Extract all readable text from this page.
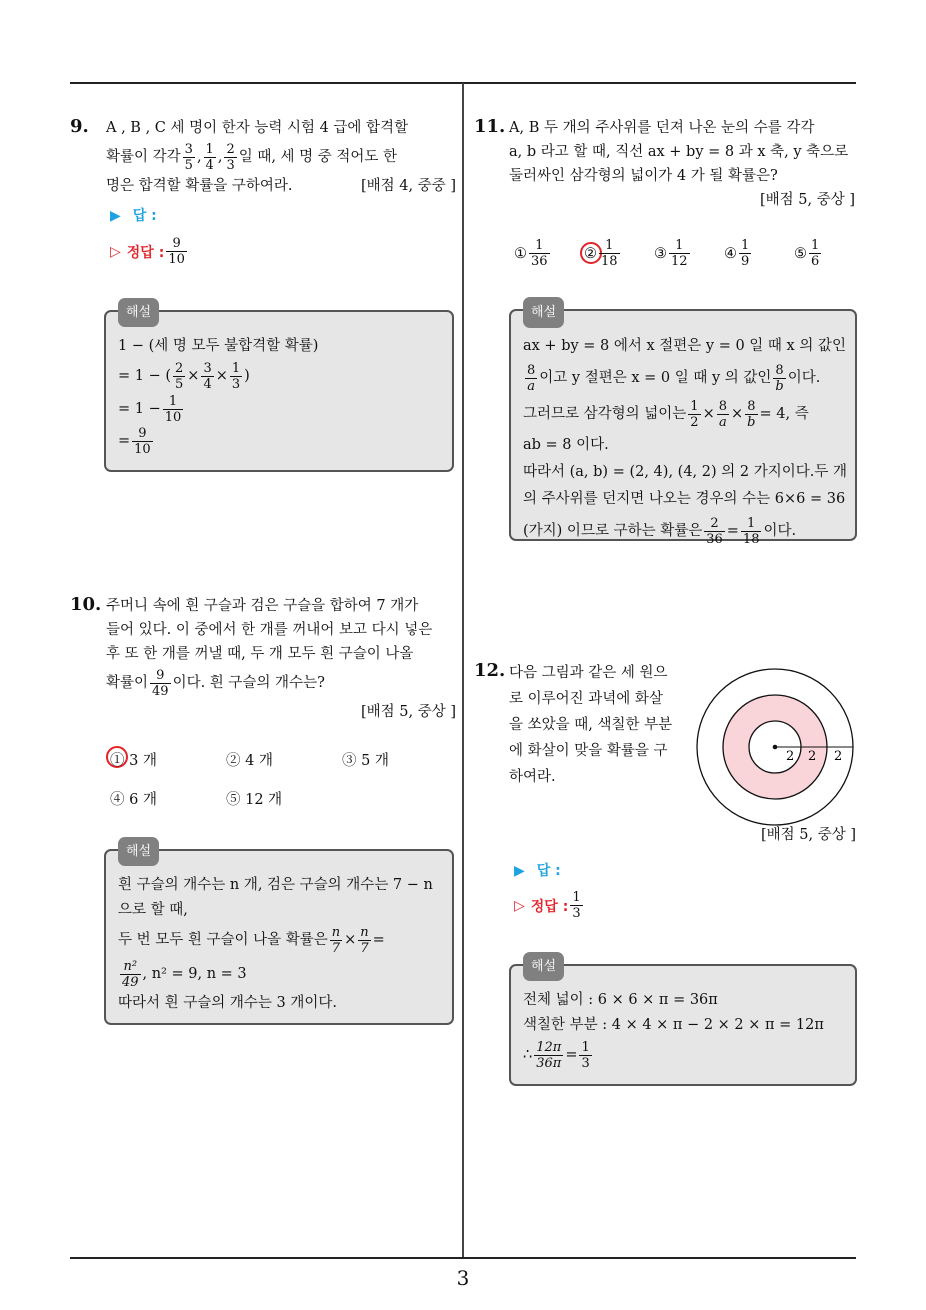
9. A , B , C 세 명이 한자 능력 시험 4 급에 합격할
확률이 각각 $\frac{3}{5}$ , $\frac{1}{4}$ , $\frac{2}{3}$ 일 때, 세 명 중 적어도 한
명은 합격할 확률을 구하여라.	[배점 4, 중중 ]
▶ 답 :
▷ 정답 : $\frac{9}{10}$
해설
1 − (세 명 모두 불합격할 확률)
= 1 − ( $\frac{2}{5} \times \frac{3}{4} \times \frac{1}{3}$ )
= $1 - \frac{1}{10}$
= $\frac{9}{10}$
10. 주머니 속에 흰 구슬과 검은 구슬을 합하여 7 개가
들어 있다. 이 중에서 한 개를 꺼내어 보고 다시 넣은
후 또 한 개를 꺼낼 때, 두 개 모두 흰 구슬이 나올
확률이 $\frac{9}{49}$ 이다. 흰 구슬의 개수는?
[배점 5, 중상 ]
① 3 개	② 4 개	③ 5 개
④ 6 개	⑤ 12 개
해설
흰 구슬의 개수는 n 개, 검은 구슬의 개수는 7 − n
으로 할 때,
두 번 모두 흰 구슬이 나올 확률은 $\frac{n}{7} \times \frac{n}{7}$ =
$\frac{\text{n²}}{49}$ , n² = 9, n = 3
따라서 흰 구슬의 개수는 3 개이다.
11. A, B 두 개의 주사위를 던져 나온 눈의 수를 각각
a, b 라고 할 때, 직선 ax + by = 8 과 x 축, y 축으로
둘러싸인 삼각형의 넓이가 4 가 될 확률은?
[배점 5, 중상 ]
① $\frac{1}{36}$ ② $\frac{1}{18}$ ③ $\frac{1}{12}$ ④ $\frac{1}{9}$	⑤ $\frac{1}{6}$
해설
ax + by = 8 에서 x 절편은 y = 0 일 때 x 의 값인
$\frac{8}{a}$ 이고 y 절편은 x = 0 일 때 y 의 값인 $\frac{8}{b}$ 이다.
그러므로 삼각형의 넓이는 $\frac{1}{2} \times \frac{8}{a} \times \frac{8}{b} = 4$, 즉
ab = 8 이다.
따라서 (a, b) = (2, 4), (4, 2) 의 2 가지이다.두 개
의 주사위를 던지면 나오는 경우의 수는 6×6 = 36
(가지) 이므로 구하는 확률은 $\frac{2}{36} = \frac{1}{18}$ 이다.
12. 다음 그림과 같은 세 원으
로 이루어진 과녁에 화살
을 쏘았을 때, 색칠한 부분
에 화살이 맞을 확률을 구
하여라.
2 2 2
[배점 5, 중상 ]
▶ 답 :
▷ 정답 : $\frac{1}{3}$
해설
전체 넓이 : 6 × 6 × π = 36π
색칠한 부분 : 4 × 4 × π − 2 × 2 × π = 12π
∴ $\frac{12\pi}{36\pi} = \frac{1}{3}$
3
